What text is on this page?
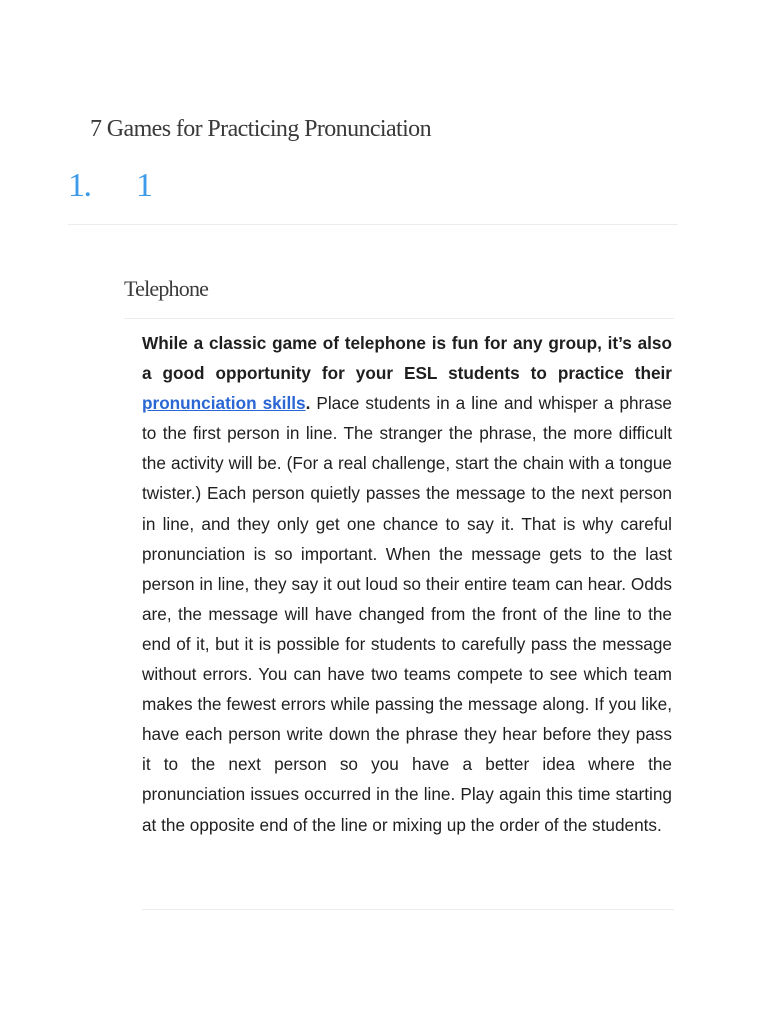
7 Games for Practicing Pronunciation
1. 1
Telephone

While a classic game of telephone is fun for any group, it’s also a good opportunity for your ESL students to practice their pronunciation skills. Place students in a line and whisper a phrase to the first person in line. The stranger the phrase, the more difficult the activity will be. (For a real challenge, start the chain with a tongue twister.) Each person quietly passes the message to the next person in line, and they only get one chance to say it. That is why careful pronunciation is so important. When the message gets to the last person in line, they say it out loud so their entire team can hear. Odds are, the message will have changed from the front of the line to the end of it, but it is possible for students to carefully pass the message without errors. You can have two teams compete to see which team makes the fewest errors while passing the message along. If you like, have each person write down the phrase they hear before they pass it to the next person so you have a better idea where the pronunciation issues occurred in the line. Play again this time starting at the opposite end of the line or mixing up the order of the students.
